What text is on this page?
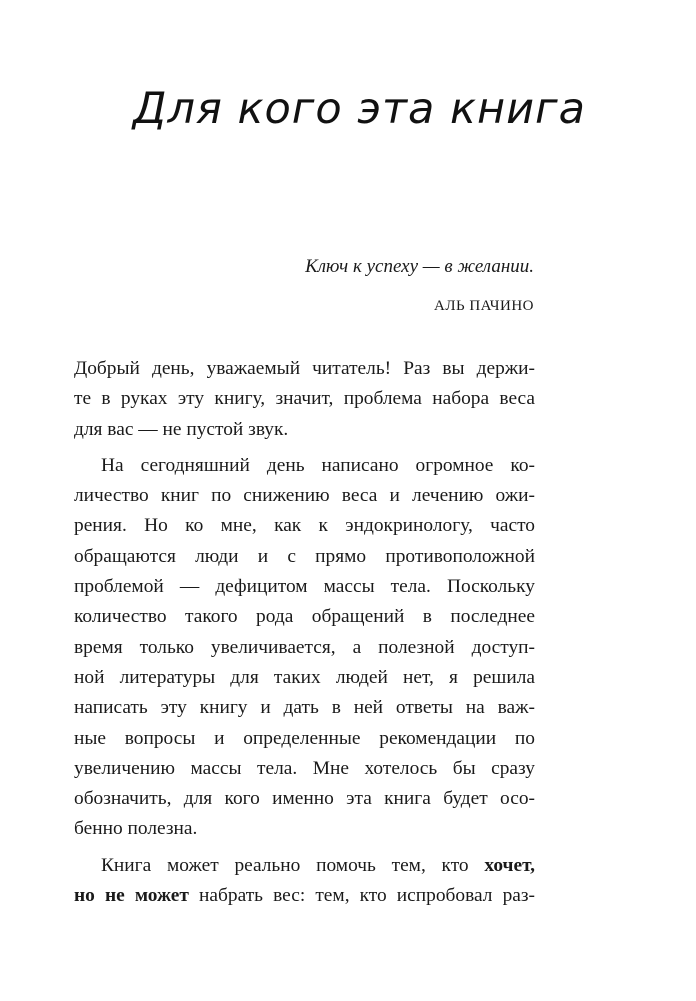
Для кого эта книга
Ключ к успеху — в желании.
АЛЬ ПАЧИНО
Добрый день, уважаемый читатель! Раз вы держи-
те в руках эту книгу, значит, проблема набора веса
для вас — не пустой звук.
На сегодняшний день написано огромное ко-
личество книг по снижению веса и лечению ожи-
рения. Но ко мне, как к эндокринологу, часто
обращаются люди и с прямо противоположной
проблемой — дефицитом массы тела. Поскольку
количество такого рода обращений в последнее
время только увеличивается, а полезной доступ-
ной литературы для таких людей нет, я решила
написать эту книгу и дать в ней ответы на важ-
ные вопросы и определенные рекомендации по
увеличению массы тела. Мне хотелось бы сразу
обозначить, для кого именно эта книга будет осо-
бенно полезна.
Книга может реально помочь тем, кто хочет,
но не может набрать вес: тем, кто испробовал раз-
